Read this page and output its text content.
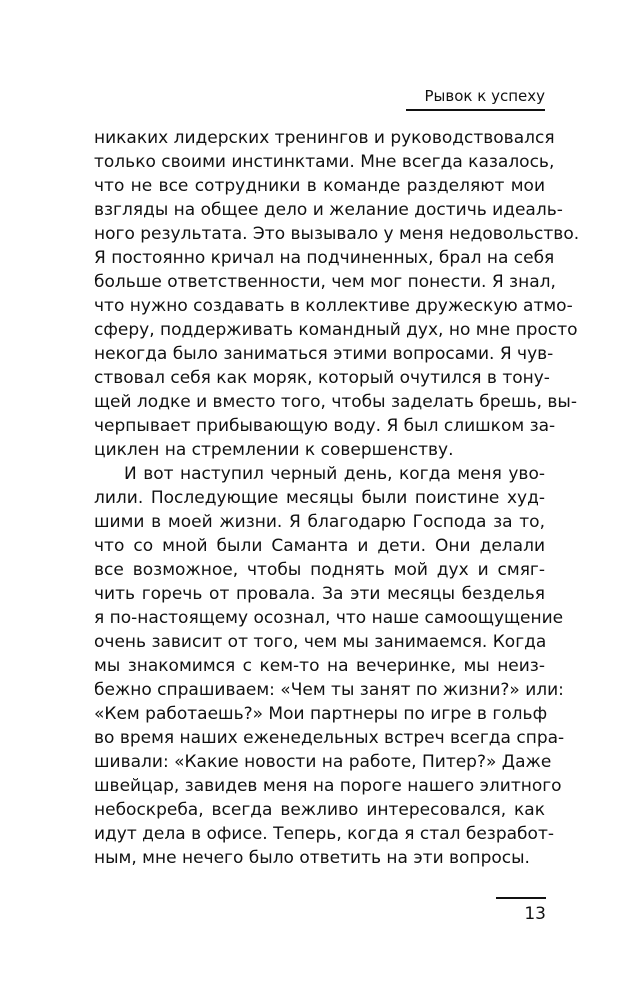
Рывок к успеху
никаких лидерских тренингов и руководствовался
только своими инстинктами. Мне всегда казалось,
что не все сотрудники в команде разделяют мои
взгляды на общее дело и желание достичь идеаль-
ного результата. Это вызывало у меня недовольство.
Я постоянно кричал на подчиненных, брал на себя
больше ответственности, чем мог понести. Я знал,
что нужно создавать в коллективе дружескую атмо-
сферу, поддерживать командный дух, но мне просто
некогда было заниматься этими вопросами. Я чув-
ствовал себя как моряк, который очутился в тону-
щей лодке и вместо того, чтобы заделать брешь, вы-
черпывает прибывающую воду. Я был слишком за-
циклен на стремлении к совершенству.
И вот наступил черный день, когда меня уво-
лили. Последующие месяцы были поистине худ-
шими в моей жизни. Я благодарю Господа за то,
что со мной были Саманта и дети. Они делали
все возможное, чтобы поднять мой дух и смяг-
чить горечь от провала. За эти месяцы безделья
я по-настоящему осознал, что наше самоощущение
очень зависит от того, чем мы занимаемся. Когда
мы знакомимся с кем-то на вечеринке, мы неиз-
бежно спрашиваем: «Чем ты занят по жизни?» или:
«Кем работаешь?» Мои партнеры по игре в гольф
во время наших еженедельных встреч всегда спра-
шивали: «Какие новости на работе, Питер?» Даже
швейцар, завидев меня на пороге нашего элитного
небоскреба, всегда вежливо интересовался, как
идут дела в офисе. Теперь, когда я стал безработ-
ным, мне нечего было ответить на эти вопросы.
13
